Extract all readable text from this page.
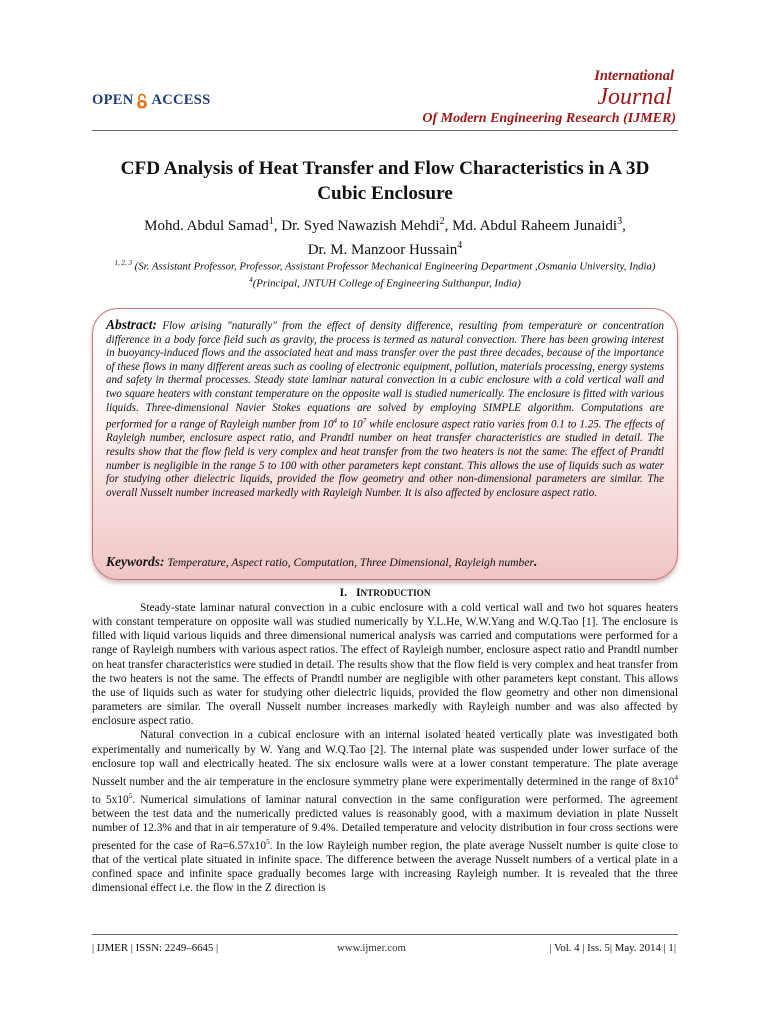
OPEN ACCESS
International
Journal
Of Modern Engineering Research (IJMER)
CFD Analysis of Heat Transfer and Flow Characteristics in A 3D
Cubic Enclosure
Mohd. Abdul Samad$^1$, Dr. Syed Nawazish Mehdi$^2$, Md. Abdul Raheem Junaidi$^3$,
Dr. M. Manzoor Hussain$^4$
$^{1, 2, 3}$ (Sr. Assistant Professor, Professor, Assistant Professor Mechanical Engineering Department ,Osmania University, India)
$^4$(Principal, JNTUH College of Engineering Sulthanpur, India)
Abstract: Flow arising "naturally" from the effect of density difference, resulting from temperature or concentration difference in a body force field such as gravity, the process is termed as natural convection. There has been growing interest in buoyancy-induced flows and the associated heat and mass transfer over the past three decades, because of the importance of these flows in many different areas such as cooling of electronic equipment, pollution, materials processing, energy systems and safety in thermal processes. Steady state laminar natural convection in a cubic enclosure with a cold vertical wall and two square heaters with constant temperature on the opposite wall is studied numerically. The enclosure is fitted with various liquids. Three-dimensional Navier Stokes equations are solved by employing SIMPLE algorithm. Computations are performed for a range of Rayleigh number from $10^4$ to $10^7$ while enclosure aspect ratio varies from 0.1 to 1.25. The effects of Rayleigh number, enclosure aspect ratio, and Prandtl number on heat transfer characteristics are studied in detail. The results show that the flow field is very complex and heat transfer from the two heaters is not the same. The effect of Prandtl number is negligible in the range 5 to 100 with other parameters kept constant. This allows the use of liquids such as water for studying other dielectric liquids, provided the flow geometry and other non-dimensional parameters are similar. The overall Nusselt number increased markedly with Rayleigh Number. It is also affected by enclosure aspect ratio.
Keywords: Temperature, Aspect ratio, Computation, Three Dimensional, Rayleigh number.
I. INTRODUCTION

Steady-state laminar natural convection in a cubic enclosure with a cold vertical wall and two hot squares heaters with constant temperature on opposite wall was studied numerically by Y.L.He, W.W.Yang and W.Q.Tao [1]. The enclosure is filled with liquid various liquids and three dimensional numerical analysis was carried and computations were performed for a range of Rayleigh numbers with various aspect ratios. The effect of Rayleigh number, enclosure aspect ratio and Prandtl number on heat transfer characteristics were studied in detail. The results show that the flow field is very complex and heat transfer from the two heaters is not the same. The effects of Prandtl number are negligible with other parameters kept constant. This allows the use of liquids such as water for studying other dielectric liquids, provided the flow geometry and other non dimensional parameters are similar. The overall Nusselt number increases markedly with Rayleigh number and was also affected by enclosure aspect ratio.

Natural convection in a cubical enclosure with an internal isolated heated vertically plate was investigated both experimentally and numerically by W. Yang and W.Q.Tao [2]. The internal plate was suspended under lower surface of the enclosure top wall and electrically heated. The six enclosure walls were at a lower constant temperature. The plate average Nusselt number and the air temperature in the enclosure symmetry plane were experimentally determined in the range of $8x10^4$ to $5x10^5$. Numerical simulations of laminar natural convection in the same configuration were performed. The agreement between the test data and the numerically predicted values is reasonably good, with a maximum deviation in plate Nusselt number of 12.3% and that in air temperature of 9.4%. Detailed temperature and velocity distribution in four cross sections were presented for the case of $Ra=6.57x10^5$. In the low Rayleigh number region, the plate average Nusselt number is quite close to that of the vertical plate situated in infinite space. The difference between the average Nusselt numbers of a vertical plate in a confined space and infinite space gradually becomes large with increasing Rayleigh number. It is revealed that the three dimensional effect i.e. the flow in the Z direction is

| IJMER | ISSN: 2249–6645 |	www.ijmer.com	| Vol. 4 | Iss. 5| May. 2014 | 1|
